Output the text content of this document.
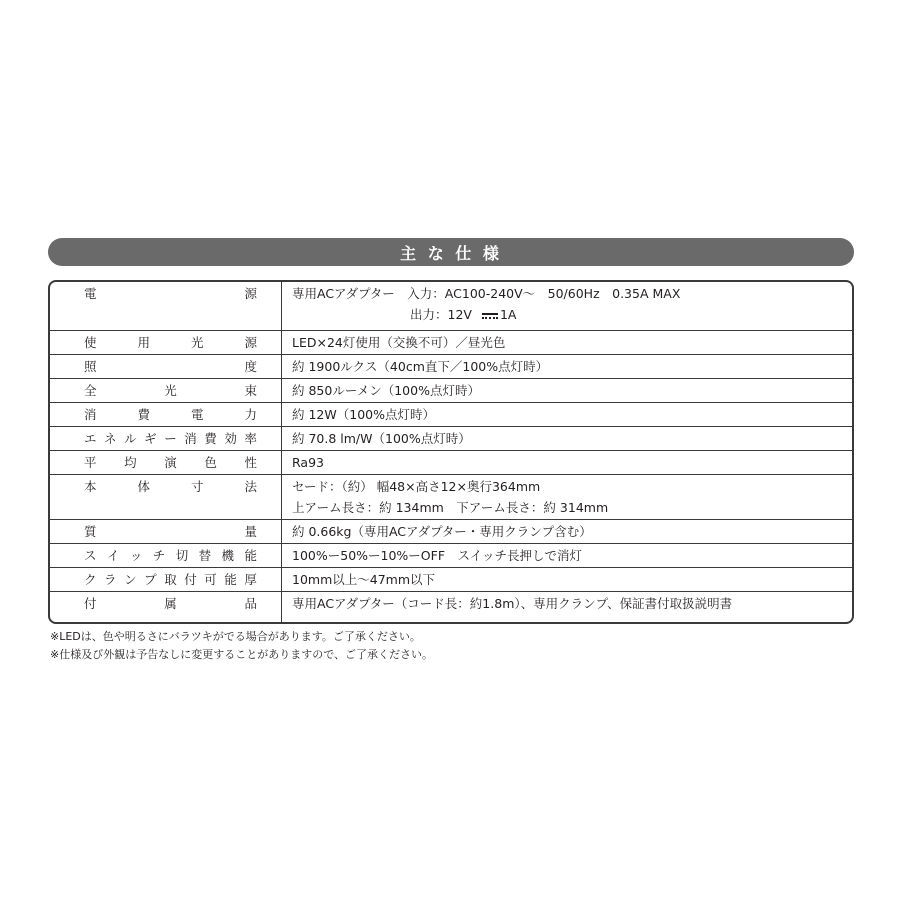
主 な 仕 様
電	源	専用ACアダプター　入力：AC100-240V〜　50/60Hz　0.35A MAX
出力：12V 1A
使	用	光	源	LED×24灯使用（交換不可）／昼光色
照	度	約 1900ルクス（40cm直下／100%点灯時）
全	光	束	約 850ルーメン（100%点灯時）
消	費	電	力	約 12W（100%点灯時）
エ ネ ル ギ ー 消 費 効 率	約 70.8 lm/W（100%点灯時）
平 均 演 色 性	Ra93
本	体	寸	法	セード：（約） 幅48×高さ12×奥行364mm
上アーム長さ：約 134mm　下アーム長さ：約 314mm
質	量	約 0.66kg（専用ACアダプター・専用クランプ含む）
ス イ ッ チ 切 替 機 能	100%ー50%ー10%ーOFF　スイッチ長押しで消灯
ク ラ ン プ 取 付 可 能 厚	10mm以上〜47mm以下
付	属	品	専用ACアダプター（コード長：約1.8m）、専用クランプ、保証書付取扱説明書
※LEDは、色や明るさにバラツキがでる場合があります。ご了承ください。
※仕様及び外観は予告なしに変更することがありますので、ご了承ください。
